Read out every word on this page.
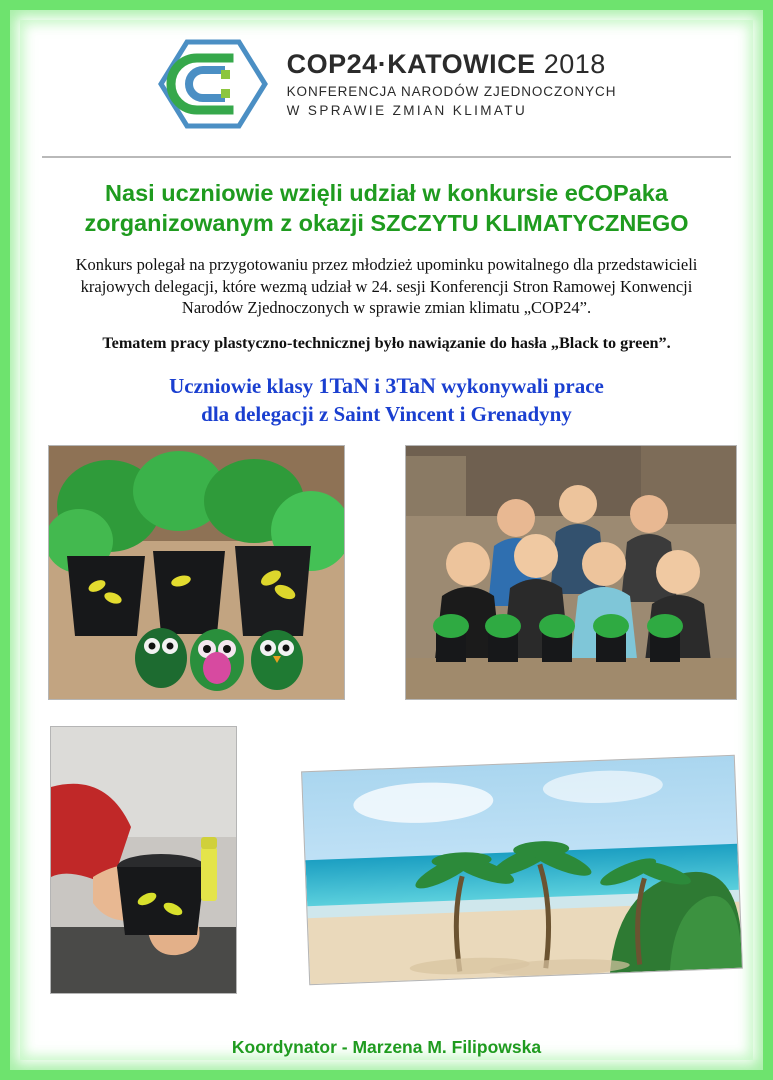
COP24·KATOWICE 2018
KONFERENCJA NARODÓW ZJEDNOCZONYCH
W SPRAWIE ZMIAN KLIMATU
Nasi uczniowie wzięli udział w konkursie eCOPaka
zorganizowanym z okazji SZCZYTU KLIMATYCZNEGO
Konkurs polegał na przygotowaniu przez młodzież upominku powitalnego dla przedstawicieli krajowych delegacji, które wezmą udział w 24. sesji Konferencji Stron Ramowej Konwencji Narodów Zjednoczonych w sprawie zmian klimatu „COP24”.
Tematem pracy plastyczno-technicznej było nawiązanie do hasła „Black to green”.
Uczniowie klasy 1TaN i 3TaN wykonywali prace
dla delegacji z Saint Vincent i Grenadyny
Koordynator - Marzena M. Filipowska
